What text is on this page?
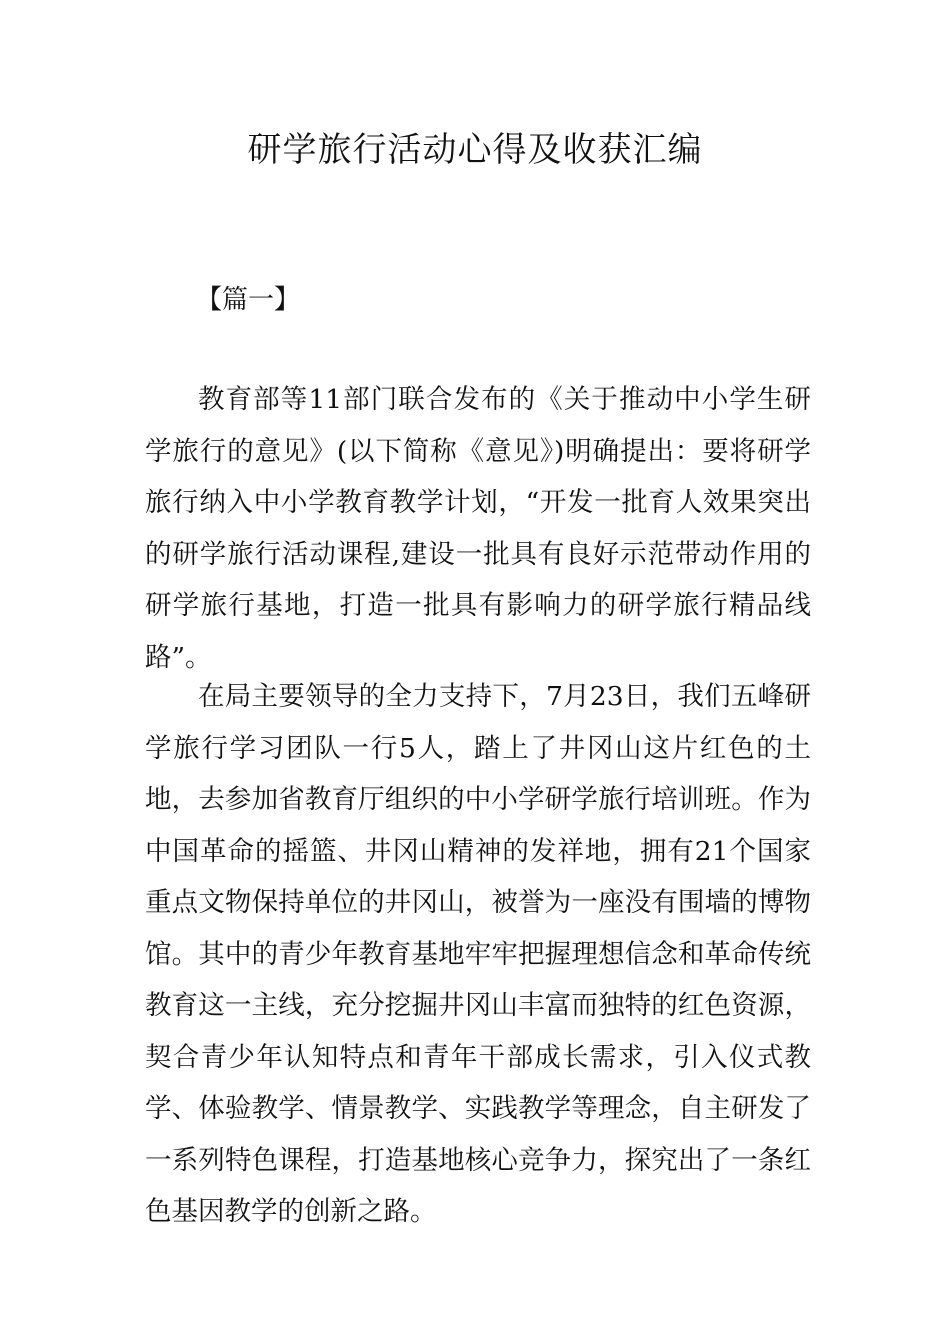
研学旅行活动心得及收获汇编

【篇一】

教育部等11部门联合发布的《关于推动中小学生研学旅行的意见》(以下简称《意见》)明确提出：要将研学旅行纳入中小学教育教学计划，“开发一批育人效果突出的研学旅行活动课程,建设一批具有良好示范带动作用的研学旅行基地，打造一批具有影响力的研学旅行精品线路”。

在局主要领导的全力支持下，7月23日，我们五峰研学旅行学习团队一行5人，踏上了井冈山这片红色的土地，去参加省教育厅组织的中小学研学旅行培训班。作为中国革命的摇篮、井冈山精神的发祥地，拥有21个国家重点文物保持单位的井冈山，被誉为一座没有围墙的博物馆。其中的青少年教育基地牢牢把握理想信念和革命传统教育这一主线，充分挖掘井冈山丰富而独特的红色资源，契合青少年认知特点和青年干部成长需求，引入仪式教学、体验教学、情景教学、实践教学等理念，自主研发了一系列特色课程，打造基地核心竞争力，探究出了一条红色基因教学的创新之路。
